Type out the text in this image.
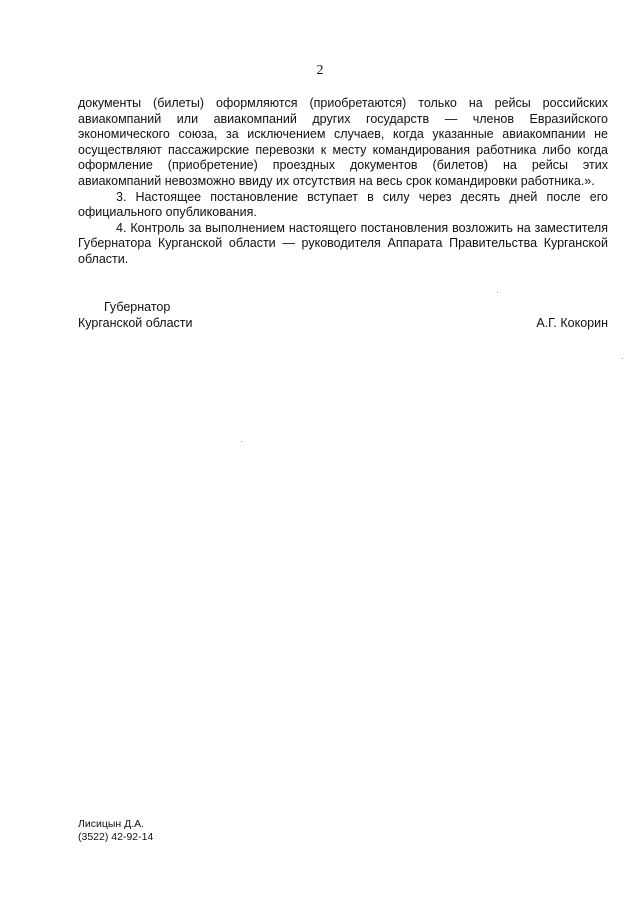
2

документы (билеты) оформляются (приобретаются) только на рейсы российских авиакомпаний или авиакомпаний других государств — членов Евразийского экономического союза, за исключением случаев, когда указанные авиакомпании не осуществляют пассажирские перевозки к месту командирования работника либо когда оформление (приобретение) проездных документов (билетов) на рейсы этих авиакомпаний невозможно ввиду их отсутствия на весь срок командировки работника.».

3. Настоящее постановление вступает в силу через десять дней после его официального опубликования.

4. Контроль за выполнением настоящего постановления возложить на заместителя Губернатора Курганской области — руководителя Аппарата Правительства Курганской области.

Губернатор
Курганской области	А.Г. Кокорин
Лисицын Д.А.
(3522) 42-92-14
